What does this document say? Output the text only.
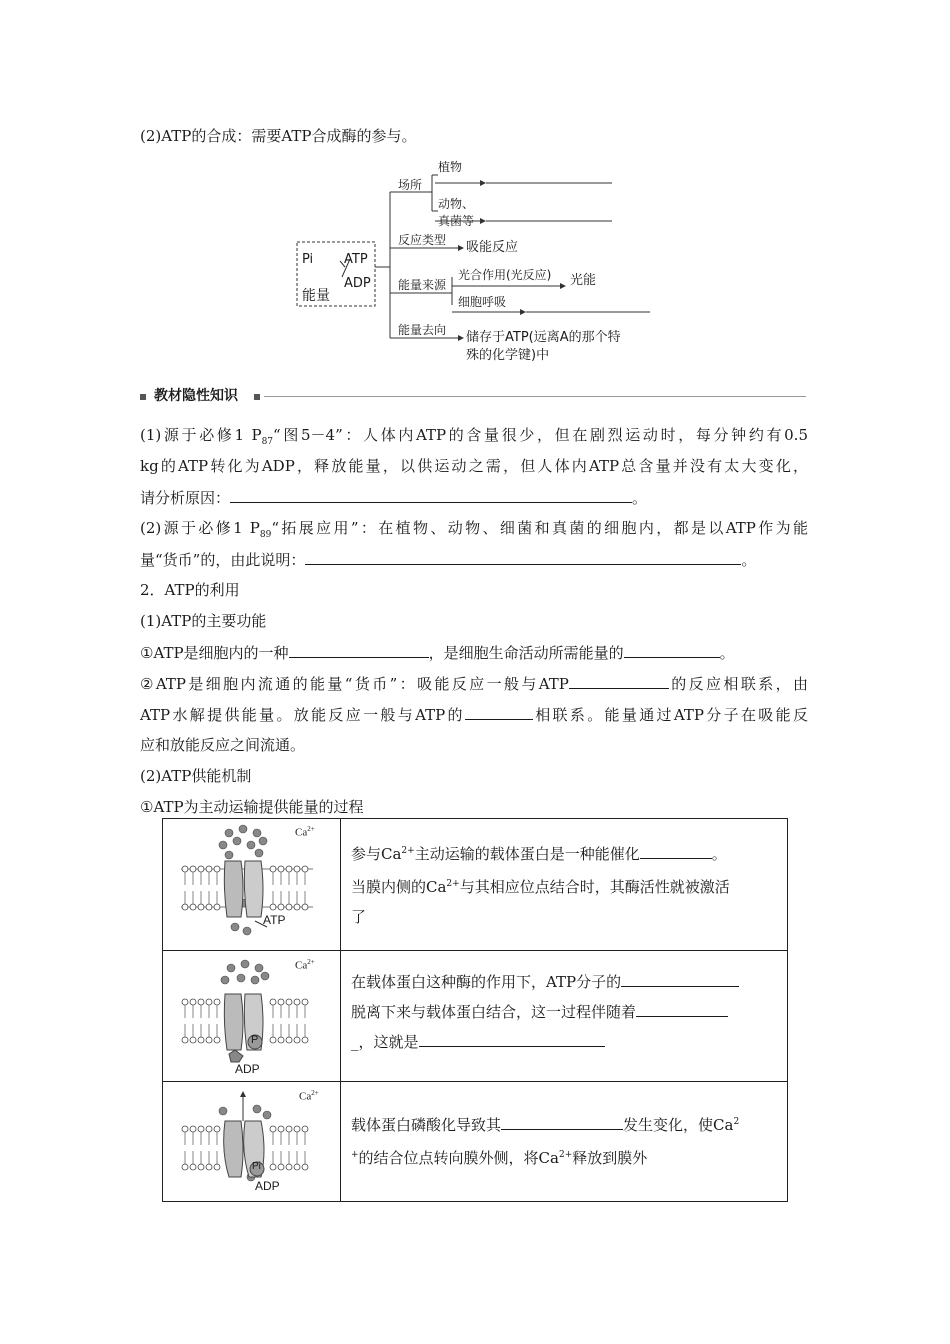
(2)ATP的合成：需要ATP合成酶的参与。
Pi ATP
ADP
能量
场所
植物
动物、
真菌等
反应类型 吸能反应
能量来源
光合作用(光反应) 光能
细胞呼吸
能量去向 储存于ATP(远离A的那个特
殊的化学键)中
教材隐性知识
(1)源于必修1 $P_{87}“$图5－4”：人体内ATP的含量很少，但在剧烈运动时，每分钟约有0.5
kg的ATP转化为ADP，释放能量，以供运动之需，但人体内ATP总含量并没有太大变化，
请分析原因：	。
(2)源于必修1 $P_{89}“$拓展应用”：在植物、动物、细菌和真菌的细胞内，都是以ATP作为能
量“货币”的，由此说明：	。
2．ATP的利用
(1)ATP的主要功能
①ATP是细胞内的一种	，是细胞生命活动所需能量的	。
②ATP是细胞内流通的能量“货币”：吸能反应一般与ATP	的反应相联系，由
ATP水解提供能量。放能反应一般与ATP的	相联系。能量通过ATP分子在吸能反
应和放能反应之间流通。
(2)ATP供能机制
①ATP为主动运输提供能量的过程
$Ca^{2+}$
ATP
参与$Ca^{2+}$主动运输的载体蛋白是一种能催化	。
当膜内侧的$Ca^{2+}$与其相应位点结合时，其酶活性就被激活
了
$Ca^{2+}$
P
ADP
在载体蛋白这种酶的作用下，ATP分子的
脱离下来与载体蛋白结合，这一过程伴随着
_，这就是
$Ca^{2+}$
Pi
ADP
载体蛋白磷酸化导致其	发生变化，使Ca$^2$
+的结合位点转向膜外侧，将$Ca^{2+}$释放到膜外
